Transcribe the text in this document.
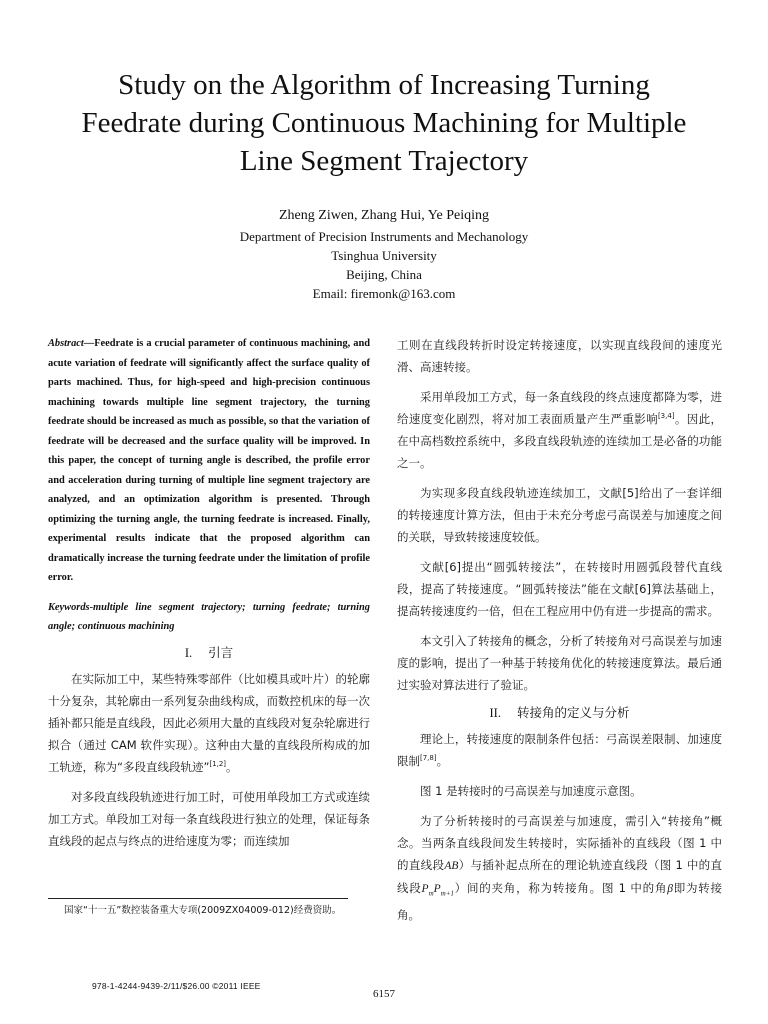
Study on the Algorithm of Increasing Turning
Feedrate during Continuous Machining for Multiple
Line Segment Trajectory
Zheng Ziwen, Zhang Hui, Ye Peiqing
Department of Precision Instruments and Mechanology
Tsinghua University
Beijing, China
Email: firemonk@163.com

Abstract—Feedrate is a crucial parameter of continuous machining, and acute variation of feedrate will significantly affect the surface quality of parts machined. Thus, for high-speed and high-precision continuous machining towards multiple line segment trajectory, the turning feedrate should be increased as much as possible, so that the variation of feedrate will be decreased and the surface quality will be improved. In this paper, the concept of turning angle is described, the profile error and acceleration during turning of multiple line segment trajectory are analyzed, and an optimization algorithm is presented. Through optimizing the turning angle, the turning feedrate is increased. Finally, experimental results indicate that the proposed algorithm can dramatically increase the turning feedrate under the limitation of profile error.

Keywords-multiple line segment trajectory; turning feedrate; turning angle; continuous machining

I. 引言

在实际加工中，某些特殊零部件（比如模具或叶片）的轮廓十分复杂，其轮廓由一系列复杂曲线构成，而数控机床的每一次插补都只能是直线段，因此必须用大量的直线段对复杂轮廓进行拟合（通过 CAM 软件实现）。这种由大量的直线段所构成的加工轨迹，称为“多段直线段轨迹”[1,2]。

对多段直线段轨迹进行加工时，可使用单段加工方式或连续加工方式。单段加工对每一条直线段进行独立的处理，保证每条直线段的起点与终点的进给速度为零；而连续加

工则在直线段转折时设定转接速度，以实现直线段间的速度光滑、高速转接。

采用单段加工方式，每一条直线段的终点速度都降为零，进给速度变化剧烈，将对加工表面质量产生严重影响[3,4]。因此，在中高档数控系统中，多段直线段轨迹的连续加工是必备的功能之一。

为实现多段直线段轨迹连续加工，文献[5]给出了一套详细的转接速度计算方法，但由于未充分考虑弓高误差与加速度之间的关联，导致转接速度较低。

文献[6]提出“圆弧转接法”，在转接时用圆弧段替代直线段，提高了转接速度。“圆弧转接法”能在文献[6]算法基础上，提高转接速度约一倍，但在工程应用中仍有进一步提高的需求。

本文引入了转接角的概念，分析了转接角对弓高误差与加速度的影响，提出了一种基于转接角优化的转接速度算法。最后通过实验对算法进行了验证。

II. 转接角的定义与分析

理论上，转接速度的限制条件包括：弓高误差限制、加速度限制[7,8]。

图 1 是转接时的弓高误差与加速度示意图。

为了分析转接时的弓高误差与加速度，需引入“转接角”概念。当两条直线段间发生转接时，实际插补的直线段（图 1 中的直线段AB）与插补起点所在的理论轨迹直线段（图 1 中的直线段$P_mP_{m+1}$）间的夹角，称为转接角。图 1 中的角β即为转接角。

国家“十一五”数控装备重大专项(2009ZX04009-012)经费资助。
978-1-4244-9439-2/11/$26.00 ©2011 IEEE
6157
